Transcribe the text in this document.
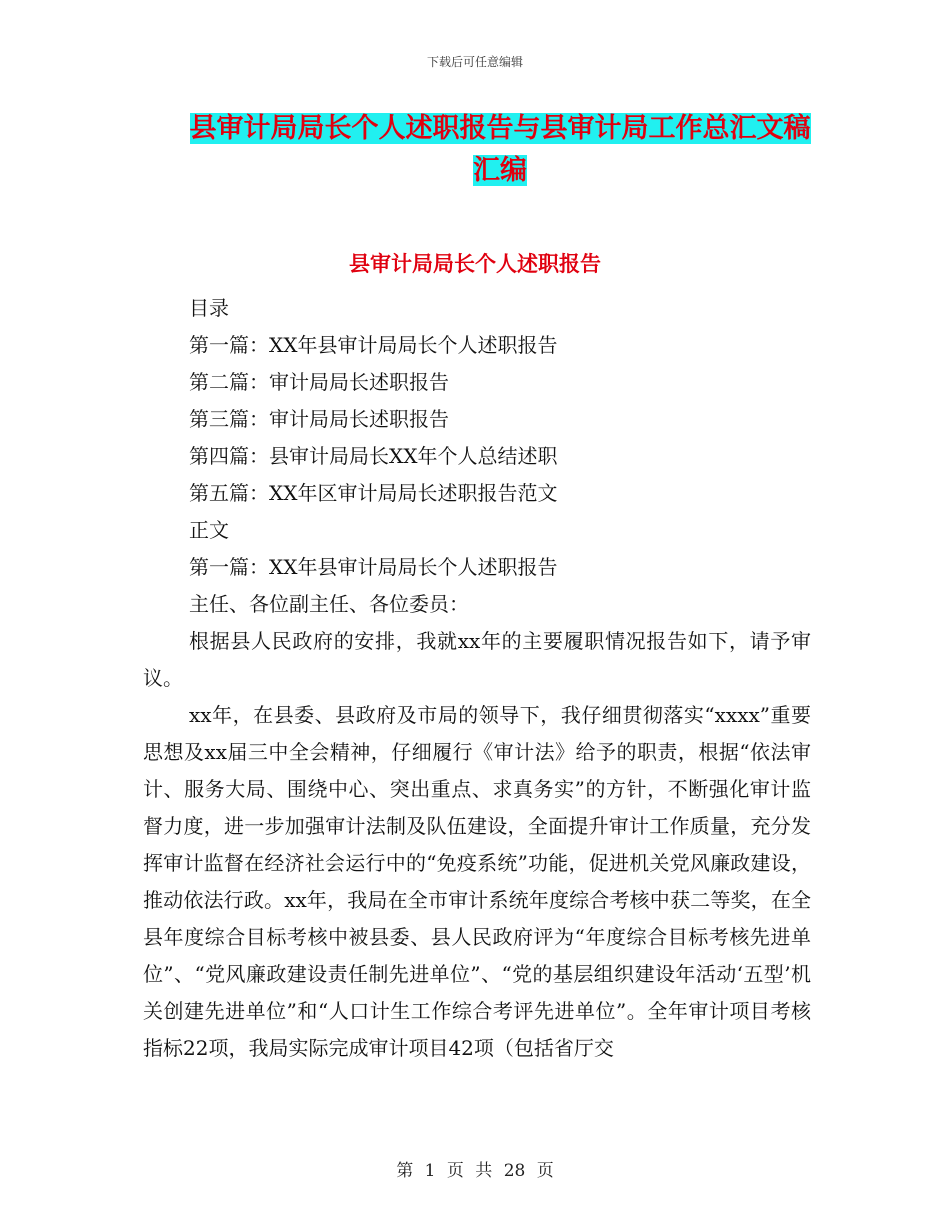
下载后可任意编辑
县审计局局长个人述职报告与县审计局工作总汇文稿汇编
县审计局局长个人述职报告
目录
第一篇：XX年县审计局局长个人述职报告
第二篇：审计局局长述职报告
第三篇：审计局局长述职报告
第四篇：县审计局局长XX年个人总结述职
第五篇：XX年区审计局局长述职报告范文
正文
第一篇：XX年县审计局局长个人述职报告
主任、各位副主任、各位委员：
根据县人民政府的安排，我就xx年的主要履职情况报告如下，请予审议。
xx年，在县委、县政府及市局的领导下，我仔细贯彻落实“xxxx”重要思想及xx届三中全会精神，仔细履行《审计法》给予的职责，根据“依法审计、服务大局、围绕中心、突出重点、求真务实”的方针，不断强化审计监督力度，进一步加强审计法制及队伍建设，全面提升审计工作质量，充分发挥审计监督在经济社会运行中的“免疫系统”功能，促进机关党风廉政建设，推动依法行政。xx年，我局在全市审计系统年度综合考核中获二等奖，在全县年度综合目标考核中被县委、县人民政府评为“年度综合目标考核先进单位”、“党风廉政建设责任制先进单位”、“党的基层组织建设年活动‘五型’机关创建先进单位”和“人口计生工作综合考评先进单位”。全年审计项目考核指标22项，我局实际完成审计项目42项（包括省厅交
第 1 页 共 28 页
